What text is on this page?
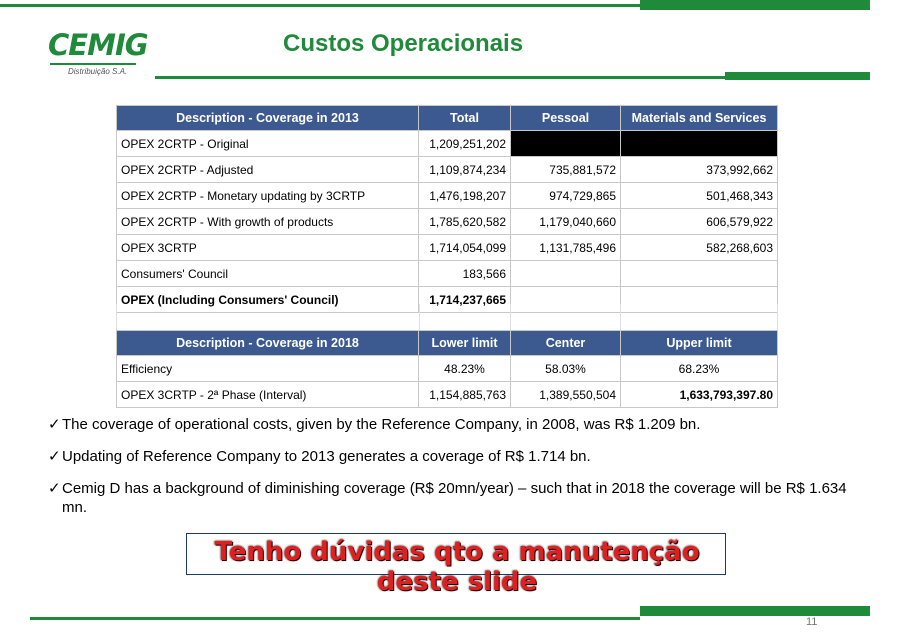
CEMIG
Distribuição S.A.
Custos Operacionais
Description - Coverage in 2013	Total	Pessoal	Materials and Services
OPEX 2CRTP - Original	1,209,251,202		
OPEX 2CRTP - Adjusted	1,109,874,234	735,881,572	373,992,662
OPEX 2CRTP - Monetary updating by 3CRTP	1,476,198,207	974,729,865	501,468,343
OPEX 2CRTP - With growth of products	1,785,620,582	1,179,040,660	606,579,922
OPEX 3CRTP	1,714,054,099	1,131,785,496	582,268,603
Consumers' Council	183,566		
OPEX (Including Consumers' Council)	1,714,237,665		
Description - Coverage in 2018	Lower limit	Center	Upper limit
Efficiency	48.23%	58.03%	68.23%
OPEX 3CRTP - 2ª Phase (Interval)	1,154,885,763	1,389,550,504	1,633,793,397.80
✓ The coverage of operational costs, given by the Reference Company, in 2008, was R$ 1.209 bn.
✓ Updating of Reference Company to 2013 generates a coverage of R$ 1.714 bn.
✓ Cemig D has a background of diminishing coverage (R$ 20mn/year) – such that in 2018 the coverage will be R$ 1.634 mn.
Tenho dúvidas qto a manutenção deste slide
11
